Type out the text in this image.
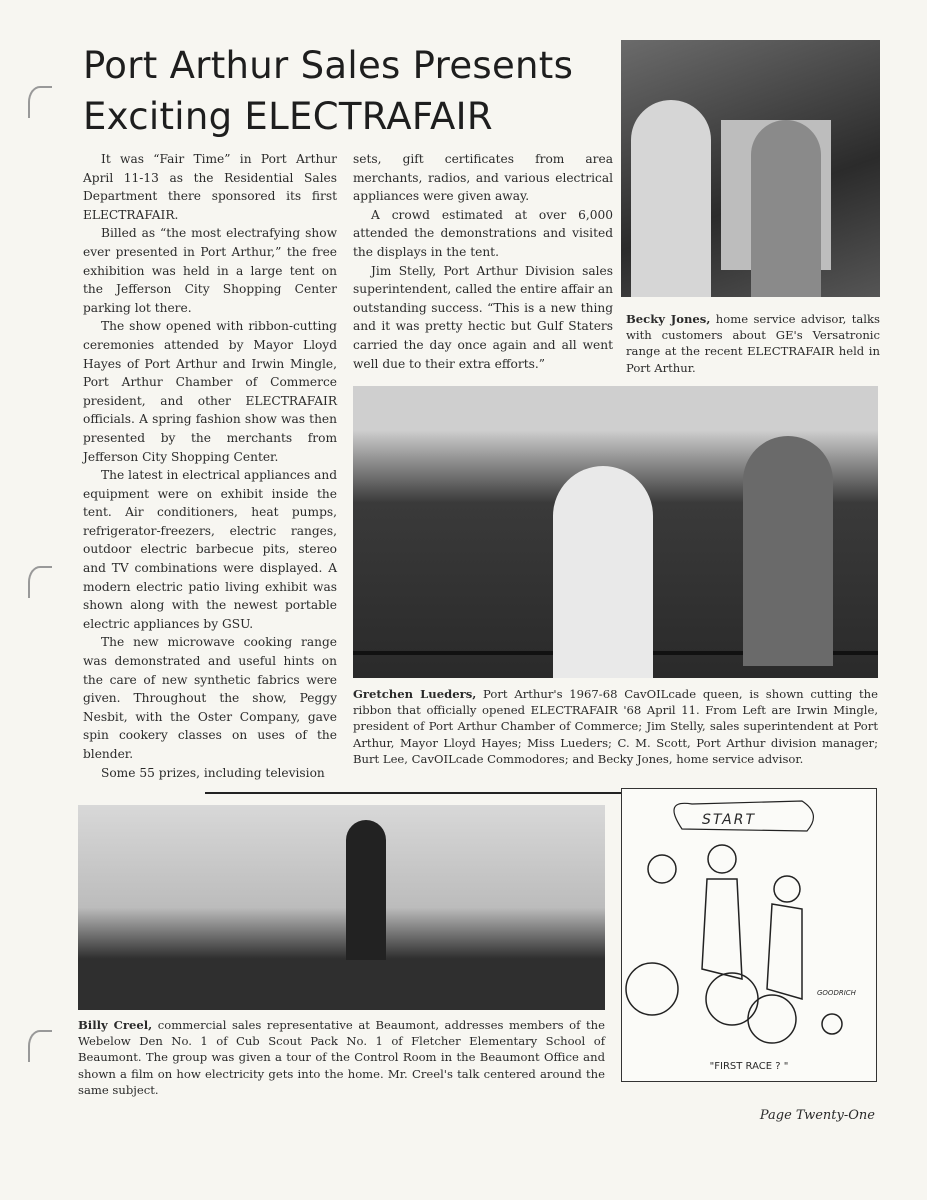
Port Arthur Sales Presents
Exciting ELECTRAFAIR

It was “Fair Time” in Port Arthur April 11-13 as the Residential Sales Department there sponsored its first ELECTRAFAIR.

Billed as “the most electrafying show ever presented in Port Arthur,” the free exhibition was held in a large tent on the Jefferson City Shopping Center parking lot there.

The show opened with ribbon-cutting ceremonies attended by Mayor Lloyd Hayes of Port Arthur and Irwin Mingle, Port Arthur Chamber of Commerce president, and other ELECTRAFAIR officials. A spring fashion show was then presented by the merchants from Jefferson City Shopping Center.

The latest in electrical appliances and equipment were on exhibit inside the tent. Air conditioners, heat pumps, refrigerator-freezers, electric ranges, outdoor electric barbecue pits, stereo and TV combinations were displayed. A modern electric patio living exhibit was shown along with the newest portable electric appliances by GSU.

The new microwave cooking range was demonstrated and useful hints on the care of new synthetic fabrics were given. Throughout the show, Peggy Nesbit, with the Oster Company, gave spin cookery classes on uses of the blender.

Some 55 prizes, including television

sets, gift certificates from area merchants, radios, and various electrical appliances were given away.

A crowd estimated at over 6,000 attended the demonstrations and visited the displays in the tent.

Jim Stelly, Port Arthur Division sales superintendent, called the entire affair an outstanding success. “This is a new thing and it was pretty hectic but Gulf Staters carried the day once again and all went well due to their extra efforts.”

Becky Jones, home service advisor, talks with customers about GE's Versatronic range at the recent ELECTRAFAIR held in Port Arthur.
Gretchen Lueders, Port Arthur's 1967-68 CavOILcade queen, is shown cutting the ribbon that officially opened ELECTRAFAIR '68 April 11. From Left are Irwin Mingle, president of Port Arthur Chamber of Commerce; Jim Stelly, sales superintendent at Port Arthur, Mayor Lloyd Hayes; Miss Lueders; C. M. Scott, Port Arthur division manager; Burt Lee, CavOILcade Commodores; and Becky Jones, home service advisor.
Billy Creel, commercial sales representative at Beaumont, addresses members of the Webelow Den No. 1 of Cub Scout Pack No. 1 of Fletcher Elementary School of Beaumont. The group was given a tour of the Control Room in the Beaumont Office and shown a film on how electricity gets into the home. Mr. Creel's talk centered around the same subject.
START
GOODRICH
"FIRST RACE ? "
Page Twenty-One
